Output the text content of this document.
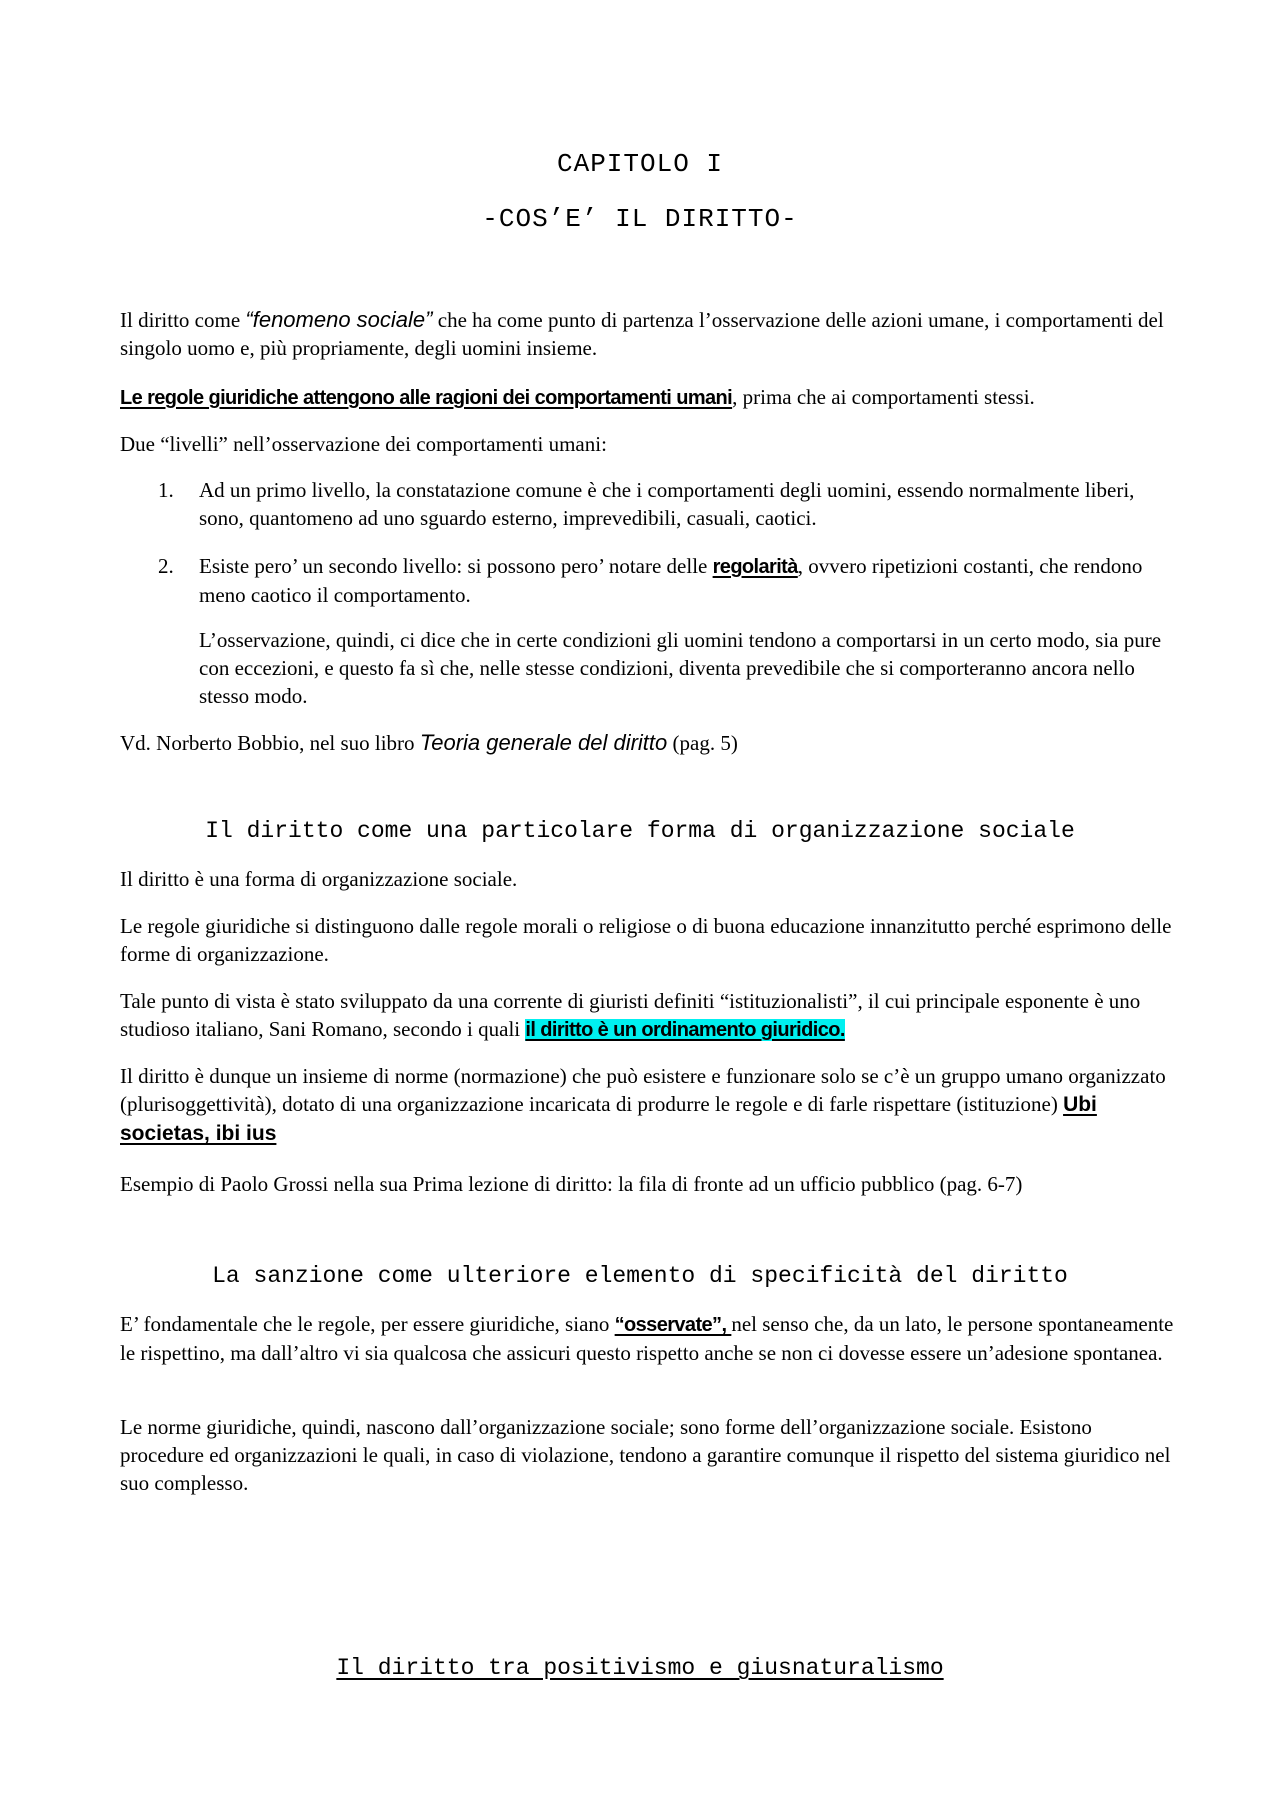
CAPITOLO I
-COS’E’ IL DIRITTO-

Il diritto come “fenomeno sociale” che ha come punto di partenza l’osservazione delle azioni umane, i comportamenti del singolo uomo e, più propriamente, degli uomini insieme.

Le regole giuridiche attengono alle ragioni dei comportamenti umani, prima che ai comportamenti stessi.

Due “livelli” nell’osservazione dei comportamenti umani:

1.	Ad un primo livello, la constatazione comune è che i comportamenti degli uomini, essendo normalmente liberi, sono, quantomeno ad uno sguardo esterno, imprevedibili, casuali, caotici.

2.	Esiste pero’ un secondo livello: si possono pero’ notare delle regolarità, ovvero ripetizioni costanti, che rendono meno caotico il comportamento.

L’osservazione, quindi, ci dice che in certe condizioni gli uomini tendono a comportarsi in un certo modo, sia pure con eccezioni, e questo fa sì che, nelle stesse condizioni, diventa prevedibile che si comporteranno ancora nello stesso modo.

Vd. Norberto Bobbio, nel suo libro Teoria generale del diritto (pag. 5)

Il diritto come una particolare forma di organizzazione sociale

Il diritto è una forma di organizzazione sociale.

Le regole giuridiche si distinguono dalle regole morali o religiose o di buona educazione innanzitutto perché esprimono delle forme di organizzazione.

Tale punto di vista è stato sviluppato da una corrente di giuristi definiti “istituzionalisti”, il cui principale esponente è uno studioso italiano, Sani Romano, secondo i quali il diritto è un ordinamento giuridico.

Il diritto è dunque un insieme di norme (normazione) che può esistere e funzionare solo se c’è un gruppo umano organizzato (plurisoggettività), dotato di una organizzazione incaricata di produrre le regole e di farle rispettare (istituzione) Ubi societas, ibi ius

Esempio di Paolo Grossi nella sua Prima lezione di diritto: la fila di fronte ad un ufficio pubblico (pag. 6-7)

La sanzione come ulteriore elemento di specificità del diritto

E’ fondamentale che le regole, per essere giuridiche, siano “osservate”, nel senso che, da un lato, le persone spontaneamente le rispettino, ma dall’altro vi sia qualcosa che assicuri questo rispetto anche se non ci dovesse essere un’adesione spontanea.

Le norme giuridiche, quindi, nascono dall’organizzazione sociale; sono forme dell’organizzazione sociale. Esistono procedure ed organizzazioni le quali, in caso di violazione, tendono a garantire comunque il rispetto del sistema giuridico nel suo complesso.

Il diritto tra positivismo e giusnaturalismo
